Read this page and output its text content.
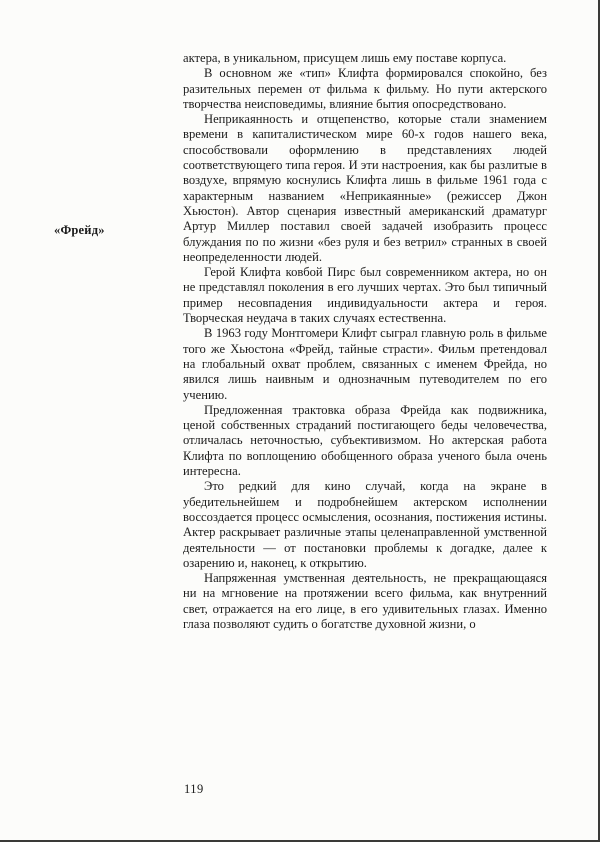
«Фрейд»

актера, в уникальном, присущем лишь ему поставе корпуса.

В основном же «тип» Клифта формировался спокойно, без разительных перемен от фильма к фильму. Но пути актерского творчества неисповедимы, влияние бытия опосредствовано.

Неприкаянность и отщепенство, которые стали знамением времени в капиталистическом мире 60-х годов нашего века, способствовали оформлению в представлениях людей соответствующего типа героя. И эти настроения, как бы разлитые в воздухе, впрямую коснулись Клифта лишь в фильме 1961 года с характерным названием «Неприкаянные» (режиссер Джон Хьюстон). Автор сценария известный американский драматург Артур Миллер поставил своей задачей изобразить процесс блуждания по по жизни «без руля и без ветрил» странных в своей неопределенности людей.

Герой Клифта ковбой Пирс был современником актера, но он не представлял поколения в его лучших чертах. Это был типичный пример несовпадения индивидуальности актера и героя. Творческая неудача в таких случаях естественна.

В 1963 году Монтгомери Клифт сыграл главную роль в фильме того же Хьюстона «Фрейд, тайные страсти». Фильм претендовал на глобальный охват проблем, связанных с именем Фрейда, но явился лишь наивным и однозначным путеводителем по его учению.

Предложенная трактовка образа Фрейда как подвижника, ценой собственных страданий постигающего беды человечества, отличалась неточностью, субъективизмом. Но актерская работа Клифта по воплощению обобщенного образа ученого была очень интересна.

Это редкий для кино случай, когда на экране в убедительнейшем и подробнейшем актерском исполнении воссоздается процесс осмысления, осознания, постижения истины. Актер раскрывает различные этапы целенаправленной умственной деятельности — от постановки проблемы к догадке, далее к озарению и, наконец, к открытию.

Напряженная умственная деятельность, не прекращающаяся ни на мгновение на протяжении всего фильма, как внутренний свет, отражается на его лице, в его удивительных глазах. Именно глаза позволяют судить о богатстве духовной жизни, о

119
